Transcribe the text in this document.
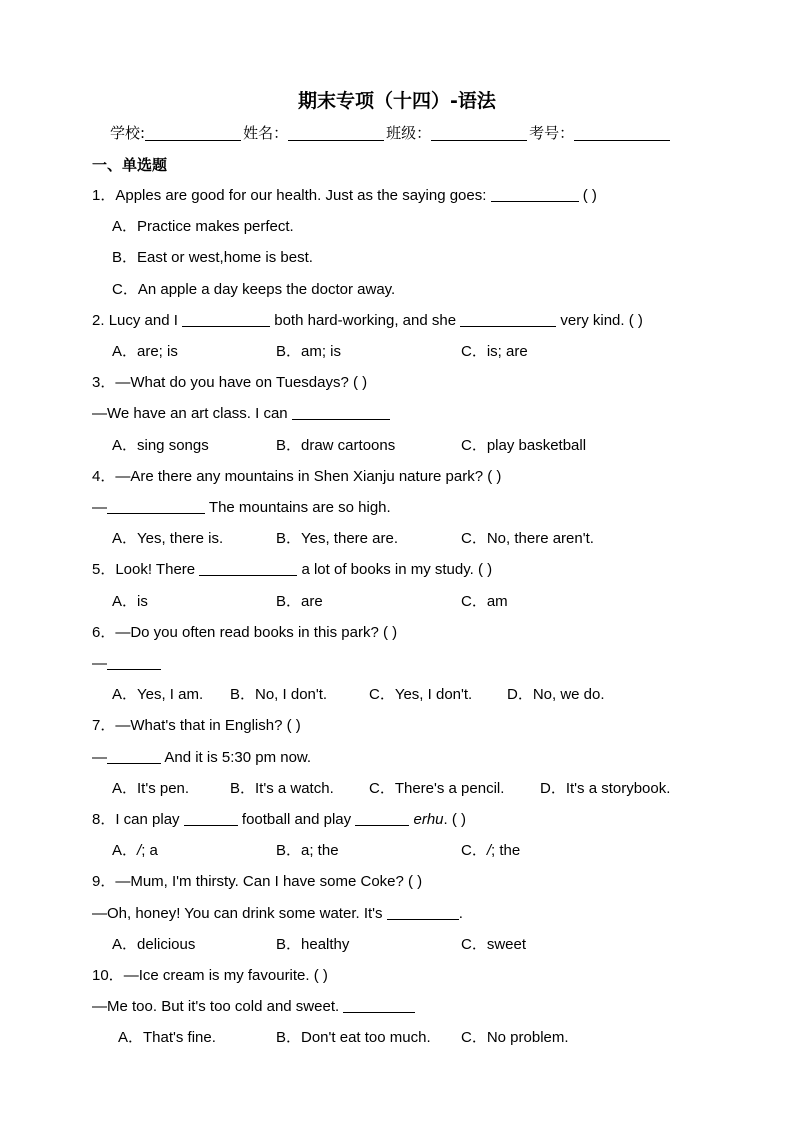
期末专项（十四）-语法
学校:	姓名：	班级：	考号：
一、单选题
1．Apples are good for our health. Just as the saying goes:	( )
A．Practice makes perfect.
B．East or west,home is best.
C．An apple a day keeps the doctor away.
2. Lucy and I	both hard-working, and she	very kind. ( )
A．are; is	B．am; is	C．is; are
3．—What do you have on Tuesdays? ( )
—We have an art class. I can
A．sing songs	B．draw cartoons	C．play basketball
4．—Are there any mountains in Shen Xianju nature park? ( )
—	The mountains are so high.
A．Yes, there is.	B．Yes, there are.	C．No, there aren't.
5．Look! There	a lot of books in my study. ( )
A．is	B．are	C．am
6．—Do you often read books in this park? ( )
—
A．Yes, I am. B．No, I don't.	C．Yes, I don't. D．No, we do.
7．—What's that in English? ( )
—	And it is 5:30 pm now.
A．It's pen.	B．It's a watch. C．There's a pencil. D．It's a storybook.
8．I can play	football and play	erhu. ( )
A．/; a	B．a; the	C．/; the
9．—Mum, I'm thirsty. Can I have some Coke? ( )
—Oh, honey! You can drink some water. It's	.
A．delicious	B．healthy	C．sweet
10．—Ice cream is my favourite. ( )
—Me too. But it's too cold and sweet.
A．That's fine.	B．Don't eat too much. C．No problem.
